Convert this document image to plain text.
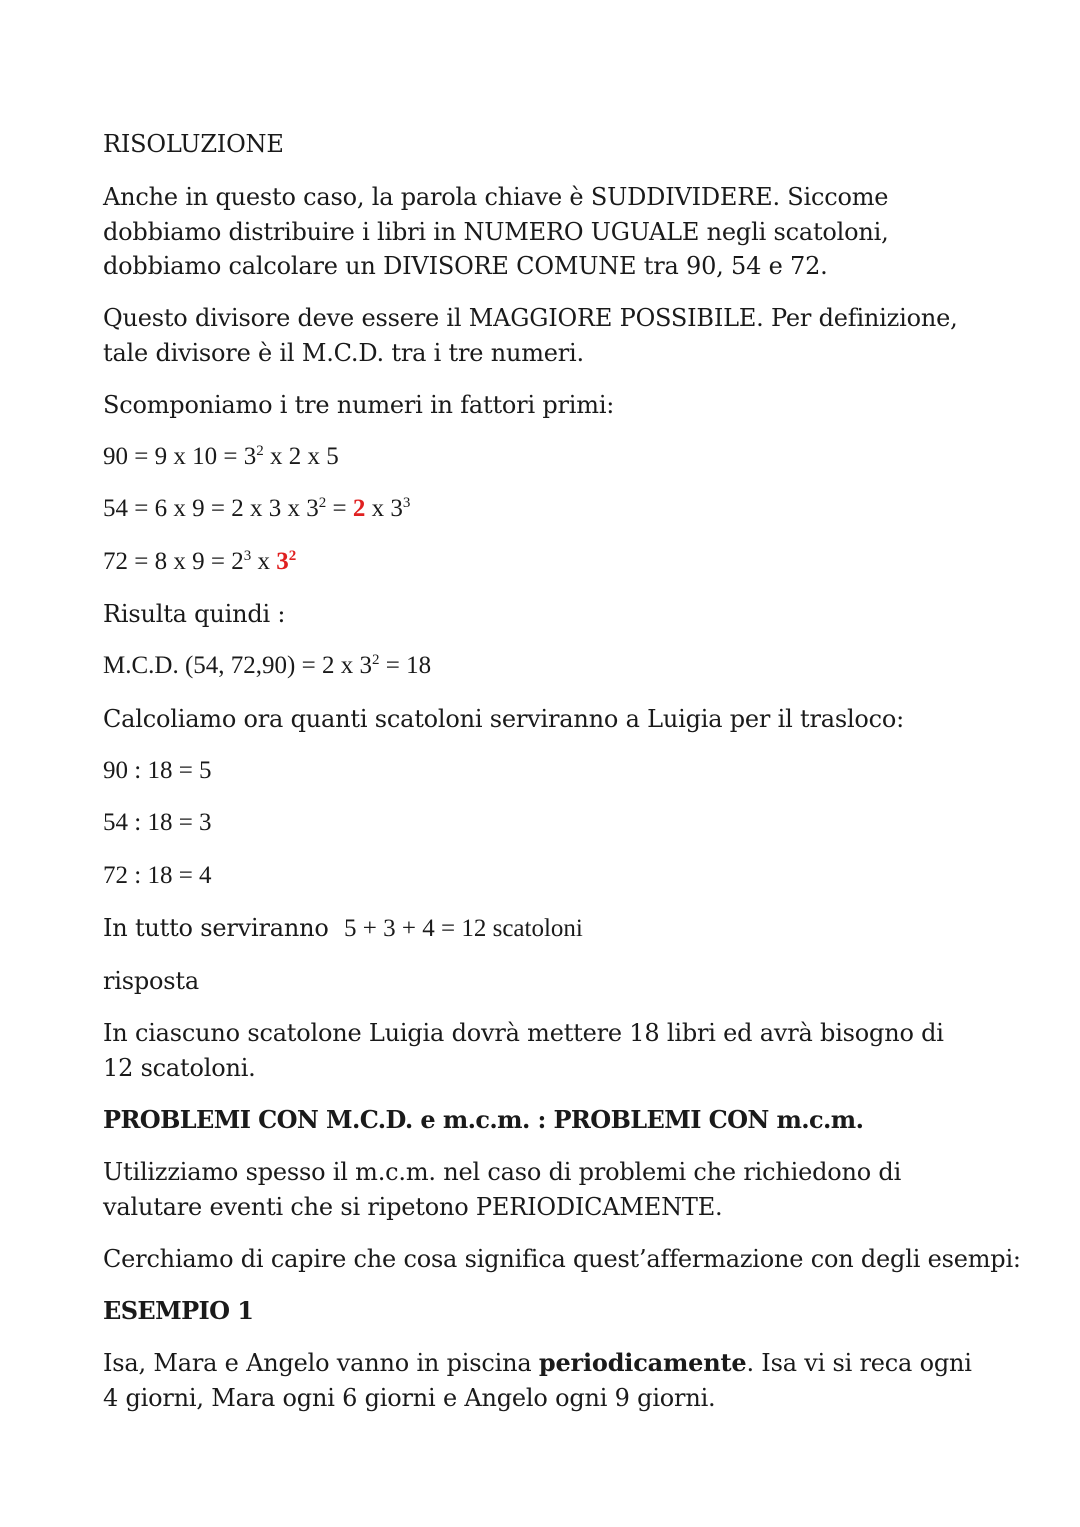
RISOLUZIONE
Anche in questo caso, la parola chiave è SUDDIVIDERE. Siccome dobbiamo distribuire i libri in NUMERO UGUALE negli scatoloni, dobbiamo calcolare un DIVISORE COMUNE tra 90, 54 e 72.
Questo divisore deve essere il MAGGIORE POSSIBILE. Per definizione, tale divisore è il M.C.D. tra i tre numeri.
Scomponiamo i tre numeri in fattori primi:
90 = 9 x $10 = 3^2$ x 2 x 5
54 = 6 x 9 = 2 x 3 x $3^2 = 2$ x $3^3$
72 = 8 x $9 = 2^3$ x $3^2$
Risulta quindi :
M.C.D. (54, 72,90) = 2 x $3^2 = 18$
Calcoliamo ora quanti scatoloni serviranno a Luigia per il trasloco:
90 : 18 = 5
54 : 18 = 3
72 : 18 = 4
In tutto serviranno 5 + 3 + 4 = 12 scatoloni
risposta
In ciascuno scatolone Luigia dovrà mettere 18 libri ed avrà bisogno di 12 scatoloni.
PROBLEMI CON M.C.D. e m.c.m. : PROBLEMI CON m.c.m.
Utilizziamo spesso il m.c.m. nel caso di problemi che richiedono di valutare eventi che si ripetono PERIODICAMENTE.
Cerchiamo di capire che cosa significa quest’affermazione con degli esempi:
ESEMPIO 1
Isa, Mara e Angelo vanno in piscina periodicamente. Isa vi si reca ogni 4 giorni, Mara ogni 6 giorni e Angelo ogni 9 giorni.
